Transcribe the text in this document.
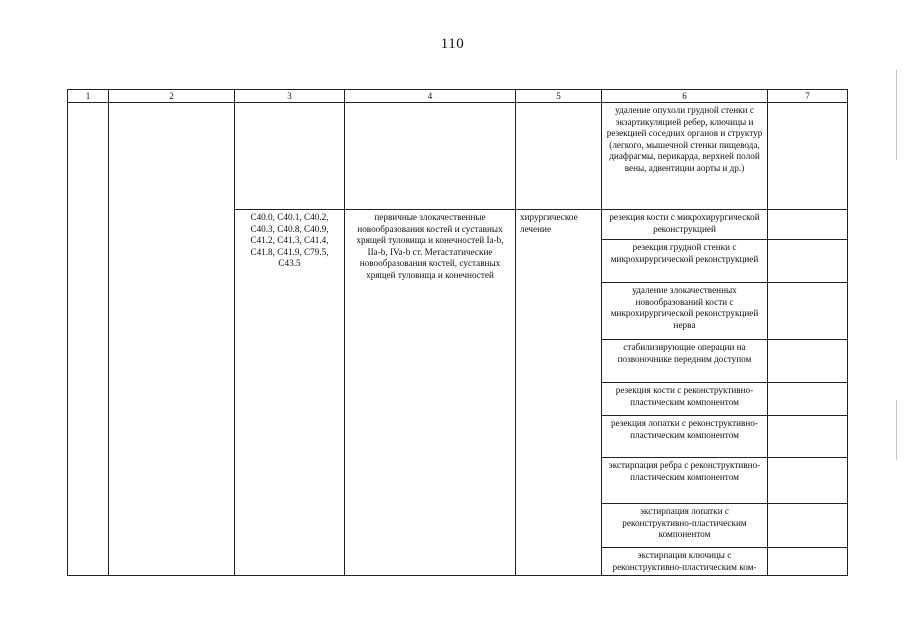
110
1	2	3	4	5	6	7
					удаление опухоли грудной стенки с экзартикуляцией ребер, ключицы и резекцией соседних органов и структур (легкого, мышечной стенки пищевода, диафрагмы, перикарда, верхней полой вены, адвентиции аорты и др.)	
		C40.0, C40.1, C40.2, C40.3, C40.8, C40.9, C41.2, C41.3, C41.4, C41.8, C41.9, C79.5, C43.5	первичные злокачественные новообразования костей и суставных хрящей туловища и конечностей Ia-b, IIa-b, IVa-b ст. Метастатические новообразования костей, суставных хрящей туловища и конечностей	хирургическое лечение	резекция кости с микрохирургической реконструкцией	
					резекция грудной стенки с микрохирургической реконструкцией	
					удаление злокачественных новообразований кости с микрохирургической реконструкцией нерва	
					стабилизирующие операции на позвоночнике передним доступом	
					резекция кости с реконструктивно-пластическим компонентом	
					резекция лопатки с реконструктивно-пластическим компонентом	
					экстирпация ребра с реконструктивно-пластическим компонентом	
					экстирпация лопатки с реконструктивно-пластическим компонентом	
					экстирпация ключицы с реконструктивно-пластическим ком-	
